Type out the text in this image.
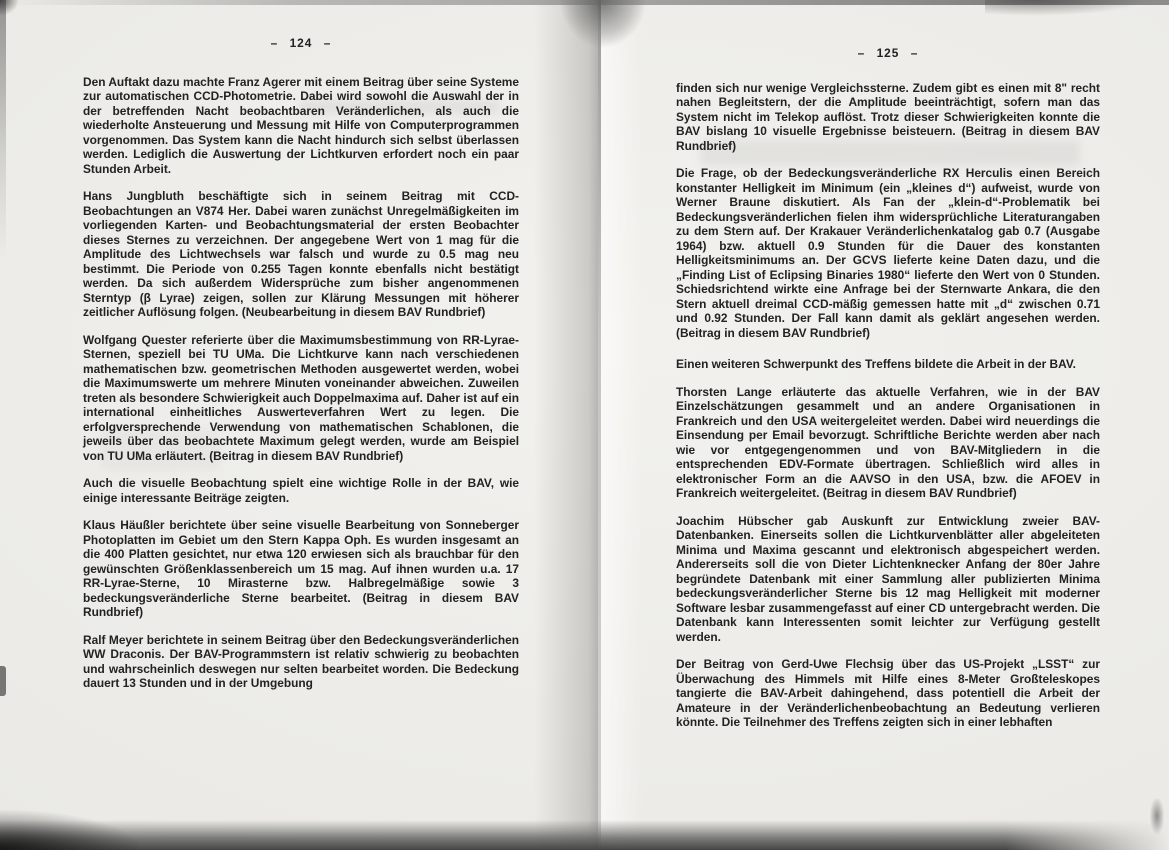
– 124 –

Den Auftakt dazu machte Franz Agerer mit einem Beitrag über seine Systeme zur automatischen CCD-Photometrie. Dabei wird sowohl die Auswahl der in der betreffenden Nacht beobachtbaren Veränderlichen, als auch die wiederholte Ansteuerung und Messung mit Hilfe von Computerprogrammen vorgenommen. Das System kann die Nacht hindurch sich selbst überlassen werden. Lediglich die Auswertung der Lichtkurven erfordert noch ein paar Stunden Arbeit.

Hans Jungbluth beschäftigte sich in seinem Beitrag mit CCD-Beobachtungen an V874 Her. Dabei waren zunächst Unregelmäßigkeiten im vorliegenden Karten- und Beobachtungsmaterial der ersten Beobachter dieses Sternes zu verzeichnen. Der angegebene Wert von 1 mag für die Amplitude des Lichtwechsels war falsch und wurde zu 0.5 mag neu bestimmt. Die Periode von 0.255 Tagen konnte ebenfalls nicht bestätigt werden. Da sich außerdem Widersprüche zum bisher angenommenen Sterntyp (β Lyrae) zeigen, sollen zur Klärung Messungen mit höherer zeitlicher Auflösung folgen. (Neubearbeitung in diesem BAV Rundbrief)

Wolfgang Quester referierte über die Maximumsbestimmung von RR-Lyrae-Sternen, speziell bei TU UMa. Die Lichtkurve kann nach verschiedenen mathematischen bzw. geometrischen Methoden ausgewertet werden, wobei die Maximumswerte um mehrere Minuten voneinander abweichen. Zuweilen treten als besondere Schwierigkeit auch Doppelmaxima auf. Daher ist auf ein international einheitliches Auswerteverfahren Wert zu legen. Die erfolgversprechende Verwendung von mathematischen Schablonen, die jeweils über das beobachtete Maximum gelegt werden, wurde am Beispiel von TU UMa erläutert. (Beitrag in diesem BAV Rundbrief)

Auch die visuelle Beobachtung spielt eine wichtige Rolle in der BAV, wie einige interessante Beiträge zeigten.

Klaus Häußler berichtete über seine visuelle Bearbeitung von Sonneberger Photoplatten im Gebiet um den Stern Kappa Oph. Es wurden insgesamt an die 400 Platten gesichtet, nur etwa 120 erwiesen sich als brauchbar für den gewünschten Größenklassenbereich um 15 mag. Auf ihnen wurden u.a. 17 RR-Lyrae-Sterne, 10 Mirasterne bzw. Halbregelmäßige sowie 3 bedeckungsveränderliche Sterne bearbeitet. (Beitrag in diesem BAV Rundbrief)

Ralf Meyer berichtete in seinem Beitrag über den Bedeckungsveränderlichen WW Draconis. Der BAV-Programmstern ist relativ schwierig zu beobachten und wahrscheinlich deswegen nur selten bearbeitet worden. Die Bedeckung dauert 13 Stunden und in der Umgebung

– 125 –

finden sich nur wenige Vergleichssterne. Zudem gibt es einen mit 8" recht nahen Begleitstern, der die Amplitude beeinträchtigt, sofern man das System nicht im Telekop auflöst. Trotz dieser Schwierigkeiten konnte die BAV bislang 10 visuelle Ergebnisse beisteuern. (Beitrag in diesem BAV Rundbrief)

Die Frage, ob der Bedeckungsveränderliche RX Herculis einen Bereich konstanter Helligkeit im Minimum (ein „kleines d“) aufweist, wurde von Werner Braune diskutiert. Als Fan der „klein-d“-Problematik bei Bedeckungsveränderlichen fielen ihm widersprüchliche Literaturangaben zu dem Stern auf. Der Krakauer Veränderlichenkatalog gab 0.7 (Ausgabe 1964) bzw. aktuell 0.9 Stunden für die Dauer des konstanten Helligkeitsminimums an. Der GCVS lieferte keine Daten dazu, und die „Finding List of Eclipsing Binaries 1980“ lieferte den Wert von 0 Stunden. Schiedsrichtend wirkte eine Anfrage bei der Sternwarte Ankara, die den Stern aktuell dreimal CCD-mäßig gemessen hatte mit „d“ zwischen 0.71 und 0.92 Stunden. Der Fall kann damit als geklärt angesehen werden. (Beitrag in diesem BAV Rundbrief)

Einen weiteren Schwerpunkt des Treffens bildete die Arbeit in der BAV.

Thorsten Lange erläuterte das aktuelle Verfahren, wie in der BAV Einzelschätzungen gesammelt und an andere Organisationen in Frankreich und den USA weitergeleitet werden. Dabei wird neuerdings die Einsendung per Email bevorzugt. Schriftliche Berichte werden aber nach wie vor entgegengenommen und von BAV-Mitgliedern in die entsprechenden EDV-Formate übertragen. Schließlich wird alles in elektronischer Form an die AAVSO in den USA, bzw. die AFOEV in Frankreich weitergeleitet. (Beitrag in diesem BAV Rundbrief)

Joachim Hübscher gab Auskunft zur Entwicklung zweier BAV-Datenbanken. Einerseits sollen die Lichtkurvenblätter aller abgeleiteten Minima und Maxima gescannt und elektronisch abgespeichert werden. Andererseits soll die von Dieter Lichtenknecker Anfang der 80er Jahre begründete Datenbank mit einer Sammlung aller publizierten Minima bedeckungsveränderlicher Sterne bis 12 mag Helligkeit mit moderner Software lesbar zusammengefasst auf einer CD untergebracht werden. Die Datenbank kann Interessenten somit leichter zur Verfügung gestellt werden.

Der Beitrag von Gerd-Uwe Flechsig über das US-Projekt „LSST“ zur Überwachung des Himmels mit Hilfe eines 8-Meter Großteleskopes tangierte die BAV-Arbeit dahingehend, dass potentiell die Arbeit der Amateure in der Veränderlichenbeobachtung an Bedeutung verlieren könnte. Die Teilnehmer des Treffens zeigten sich in einer lebhaften
